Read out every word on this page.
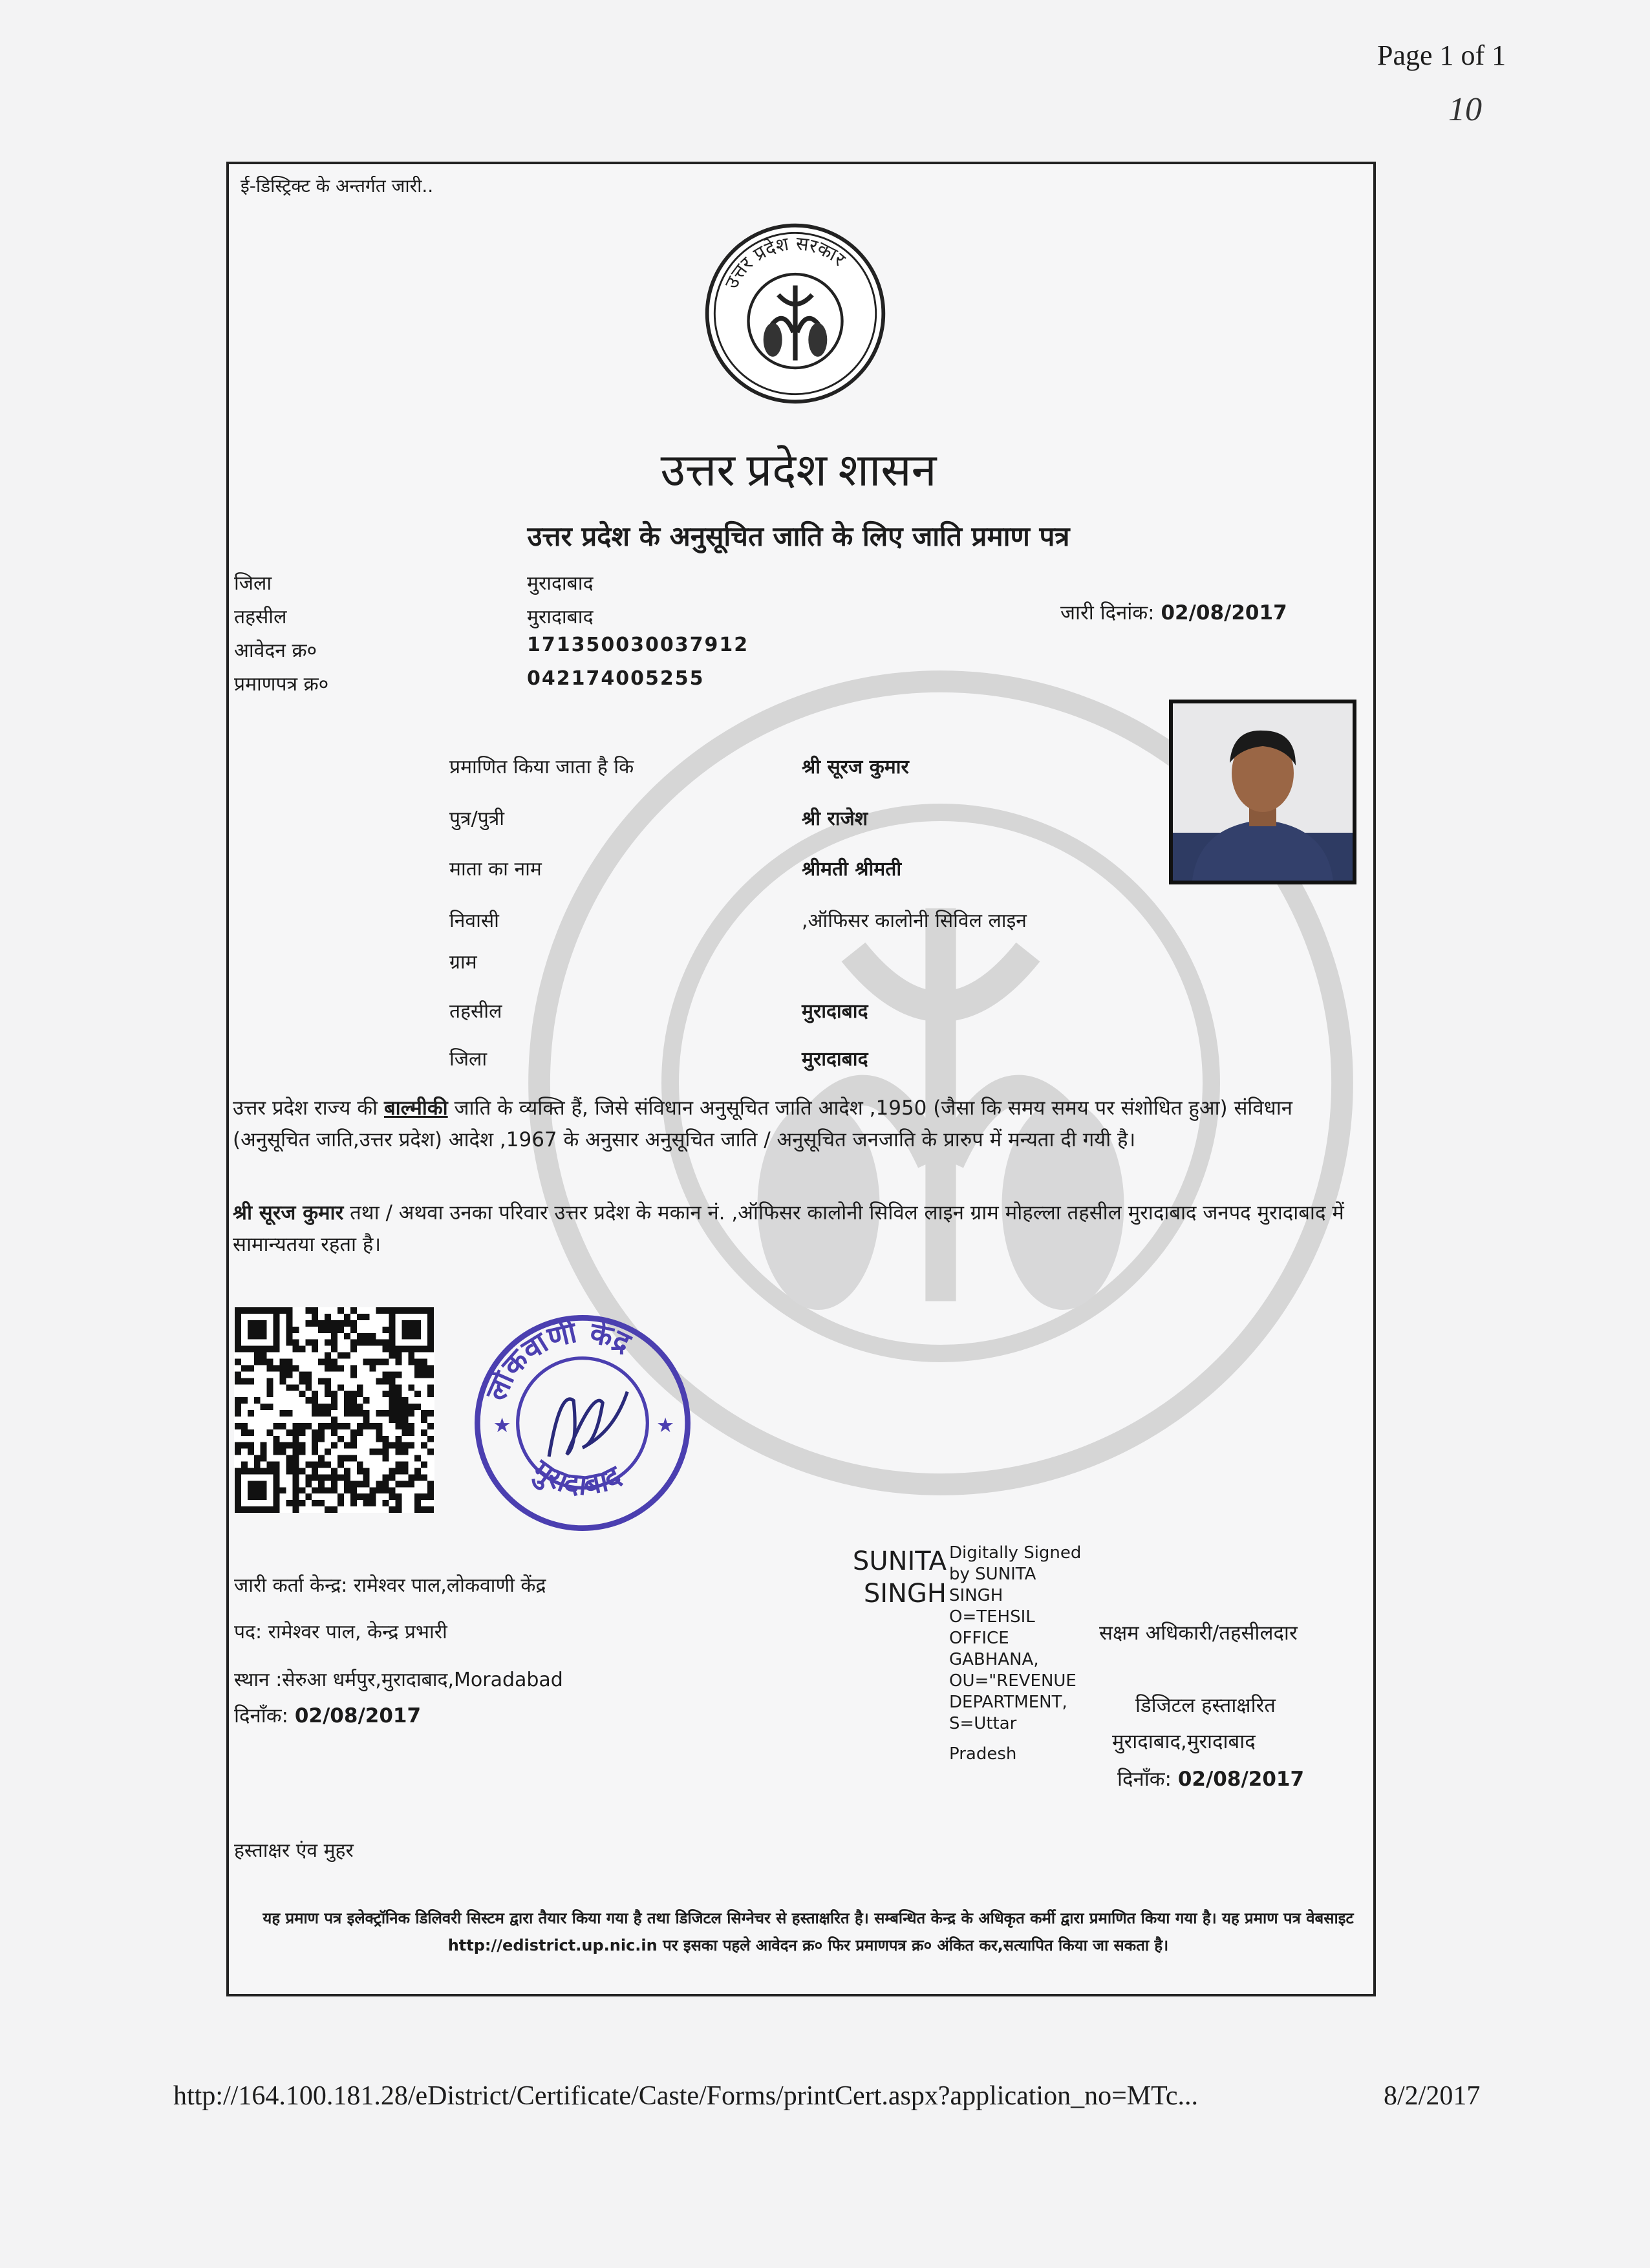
Page 1 of 1
10
ई-डिस्ट्रिक्ट के अन्तर्गत जारी..
उत्तर प्रदेश सरकार
उत्तर प्रदेश शासन
उत्तर प्रदेश के अनुसूचित जाति के लिए जाति प्रमाण पत्र
जिला	मुरादाबाद
तहसील	मुरादाबाद
आवेदन क्र०	171350030037912
प्रमाणपत्र क्र०	042174005255
जारी दिनांक: 02/08/2017
प्रमाणित किया जाता है कि	श्री सूरज कुमार
पुत्र/पुत्री	श्री राजेश
माता का नाम	श्रीमती श्रीमती
निवासी	,ऑफिसर कालोनी सिविल लाइन
ग्राम
तहसील	मुरादाबाद
जिला	मुरादाबाद
उत्तर प्रदेश राज्य की बाल्मीकी जाति के व्यक्ति हैं, जिसे संविधान अनुसूचित जाति आदेश ,1950 (जैसा कि समय समय पर संशोधित हुआ) संविधान (अनुसूचित जाति,उत्तर प्रदेश) आदेश ,1967 के अनुसार अनुसूचित जाति / अनुसूचित जनजाति के प्रारुप में मन्यता दी गयी है।
श्री सूरज कुमार तथा / अथवा उनका परिवार उत्तर प्रदेश के मकान नं. ,ऑफिसर कालोनी सिविल लाइन ग्राम मोहल्ला तहसील मुरादाबाद जनपद मुरादाबाद में सामान्यतया रहता है।
लोकवाणी केंद्र
मुरादाबाद
★	★
जारी कर्ता केन्द्र: रामेश्वर पाल,लोकवाणी केंद्र
पद: रामेश्वर पाल, केन्द्र प्रभारी
स्थान :सेरुआ धर्मपुर,मुरादाबाद,Moradabad
दिनाँक: 02/08/2017
SUNITA
SINGH
Digitally Signed
by SUNITA
SINGH
O=TEHSIL
OFFICE
GABHANA,
OU="REVENUE
DEPARTMENT,
S=Uttar
Pradesh
सक्षम अधिकारी/तहसीलदार
डिजिटल हस्ताक्षरित
मुरादाबाद,मुरादाबाद
दिनाँक: 02/08/2017
हस्ताक्षर एंव मुहर
यह प्रमाण पत्र इलेक्ट्रॉनिक डिलिवरी सिस्टम द्वारा तैयार किया गया है तथा डिजिटल सिग्नेचर से हस्ताक्षरित है। सम्बन्धित केन्द्र के अधिकृत कर्मी द्वारा प्रमाणित किया गया है। यह प्रमाण पत्र वेबसाइट http://edistrict.up.nic.in पर इसका पहले आवेदन क्र० फिर प्रमाणपत्र क्र० अंकित कर,सत्यापित किया जा सकता है।
http://164.100.181.28/eDistrict/Certificate/Caste/Forms/printCert.aspx?application_no=MTc...	8/2/2017
